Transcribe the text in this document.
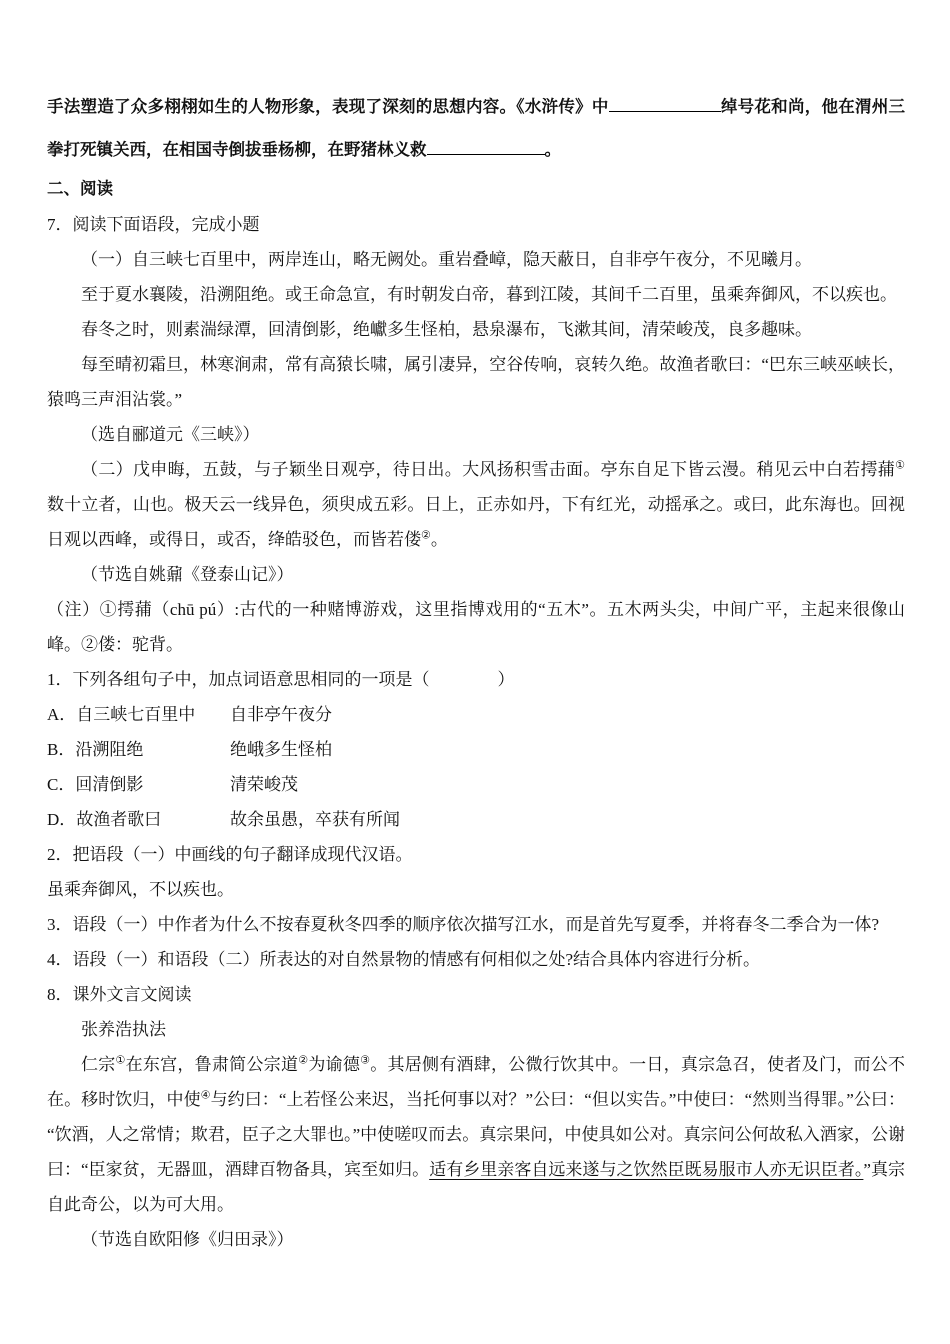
手法塑造了众多栩栩如生的人物形象，表现了深刻的思想内容。《水浒传》中	绰号花和尚，他在渭州三拳打死镇关西，在相国寺倒拔垂杨柳，在野猪林义救	。

二、阅读

7．阅读下面语段，完成小题

（一）自三峡七百里中，两岸连山，略无阙处。重岩叠嶂，隐天蔽日，自非亭午夜分，不见曦月。

至于夏水襄陵，沿溯阻绝。或王命急宣，有时朝发白帝，暮到江陵，其间千二百里，虽乘奔御风，不以疾也。

春冬之时，则素湍绿潭，回清倒影，绝巘多生怪柏，悬泉瀑布，飞漱其间，清荣峻茂，良多趣味。

每至晴初霜旦，林寒涧肃，常有高猿长啸，属引凄异，空谷传响，哀转久绝。故渔者歌曰：“巴东三峡巫峡长，猿鸣三声泪沾裳。”

（选自郦道元《三峡》）

（二）戊申晦，五鼓，与子颖坐日观亭，待日出。大风扬积雪击面。亭东自足下皆云漫。稍见云中白若摴蒱①数十立者，山也。极天云一线异色，须臾成五彩。日上，正赤如丹，下有红光，动摇承之。或曰，此东海也。回视日观以西峰，或得日，或否，绛皓驳色，而皆若偻②。

（节选自姚鼐《登泰山记》）

（注）①摴蒱（chū pú）:古代的一种赌博游戏，这里指博戏用的“五木”。五木两头尖，中间广平，主起来很像山峰。②偻：驼背。

1．下列各组句子中，加点词语意思相同的一项是（　　　　）

A．自三峡七百里中 自非亭午夜分

B．沿溯阻绝	绝峨多生怪柏

C．回清倒影	清荣峻茂

D．故渔者歌曰	故余虽愚，卒获有所闻

2．把语段（一）中画线的句子翻译成现代汉语。

虽乘奔御风，不以疾也。

3．语段（一）中作者为什么不按春夏秋冬四季的顺序依次描写江水，而是首先写夏季，并将春冬二季合为一体?

4．语段（一）和语段（二）所表达的对自然景物的情感有何相似之处?结合具体内容进行分析。

8．课外文言文阅读

张养浩执法

仁宗①在东宫，鲁肃简公宗道②为谕德③。其居侧有酒肆，公微行饮其中。一日，真宗急召，使者及门，而公不在。移时饮归，中使④与约曰：“上若怪公来迟，当托何事以对？”公曰：“但以实告。”中使曰：“然则当得罪。”公曰：“饮酒，人之常情；欺君，臣子之大罪也。”中使嗟叹而去。真宗果问，中使具如公对。真宗问公何故私入酒家，公谢曰：“臣家贫，无器皿，酒肆百物备具，宾至如归。适有乡里亲客自远来遂与之饮然臣既易服市人亦无识臣者。”真宗自此奇公，以为可大用。

（节选自欧阳修《归田录》）
